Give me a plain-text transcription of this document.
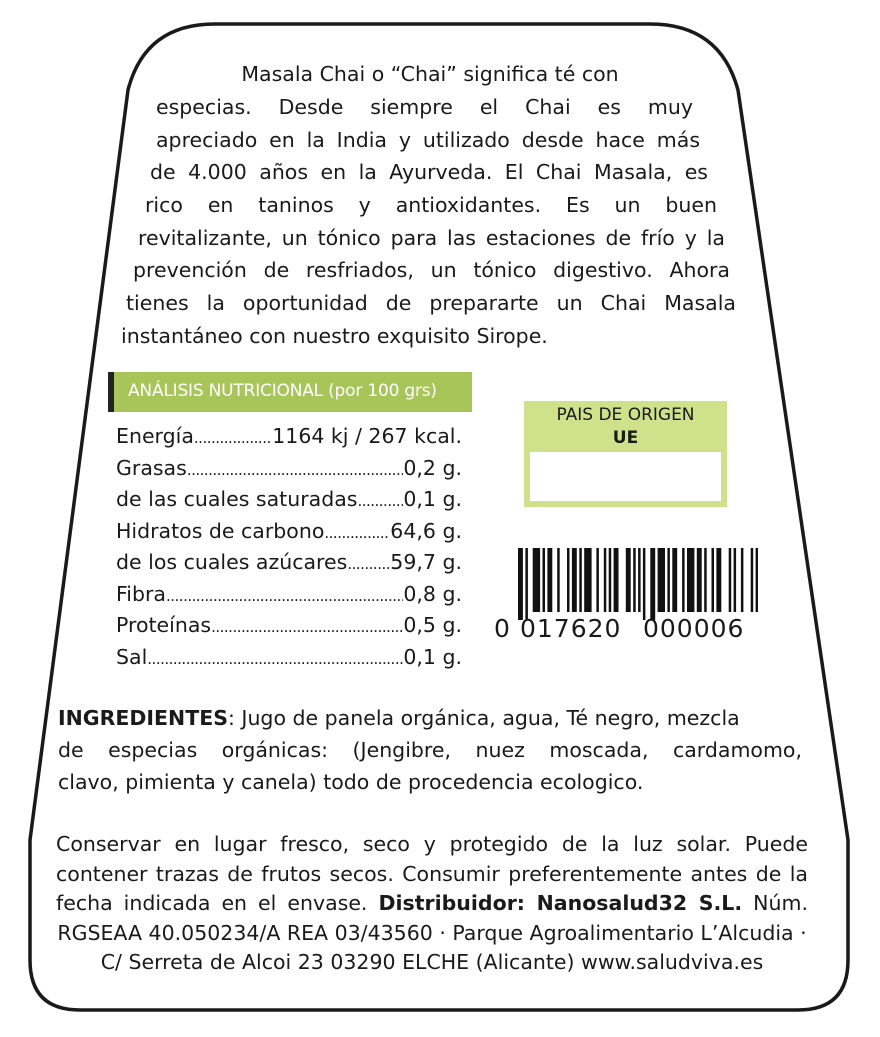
Masala Chai o “Chai” significa té con
especias. Desde siempre el Chai es muy
apreciado en la India y utilizado desde hace más
de 4.000 años en la Ayurveda. El Chai Masala, es
rico en taninos y antioxidantes. Es un buen
revitalizante, un tónico para las estaciones de frío y la
prevención de resfriados, un tónico digestivo. Ahora
tienes la oportunidad de prepararte un Chai Masala
instantáneo con nuestro exquisito Sirope.
ANÁLISIS NUTRICIONAL (por 100 grs)
Energía .....	1164 kj / 267 kcal.
Grasas .....	0,2 g.
de las cuales saturadas ..... 0,1 g.
Hidratos de carbono .....	64,6 g.
de los cuales azúcares ..... 59,7 g.
Fibra .....	0,8 g.
Proteínas .....	0,5 g.
Sal .....	0,1 g.
PAIS DE ORIGEN
UE
0 017620 000006
INGREDIENTES: Jugo de panela orgánica, agua, Té negro, mezcla
de especias orgánicas: (Jengibre, nuez moscada, cardamomo,
clavo, pimienta y canela) todo de procedencia ecologico.
Conservar en lugar fresco, seco y protegido de la luz solar. Puede
contener trazas de frutos secos. Consumir preferentemente antes de la
fecha indicada en el envase. Distribuidor: Nanosalud32 S.L. Núm.
RGSEAA 40.050234/A REA 03/43560 · Parque Agroalimentario L’Alcudia ·
C/ Serreta de Alcoi 23 03290 ELCHE (Alicante) www.saludviva.es
